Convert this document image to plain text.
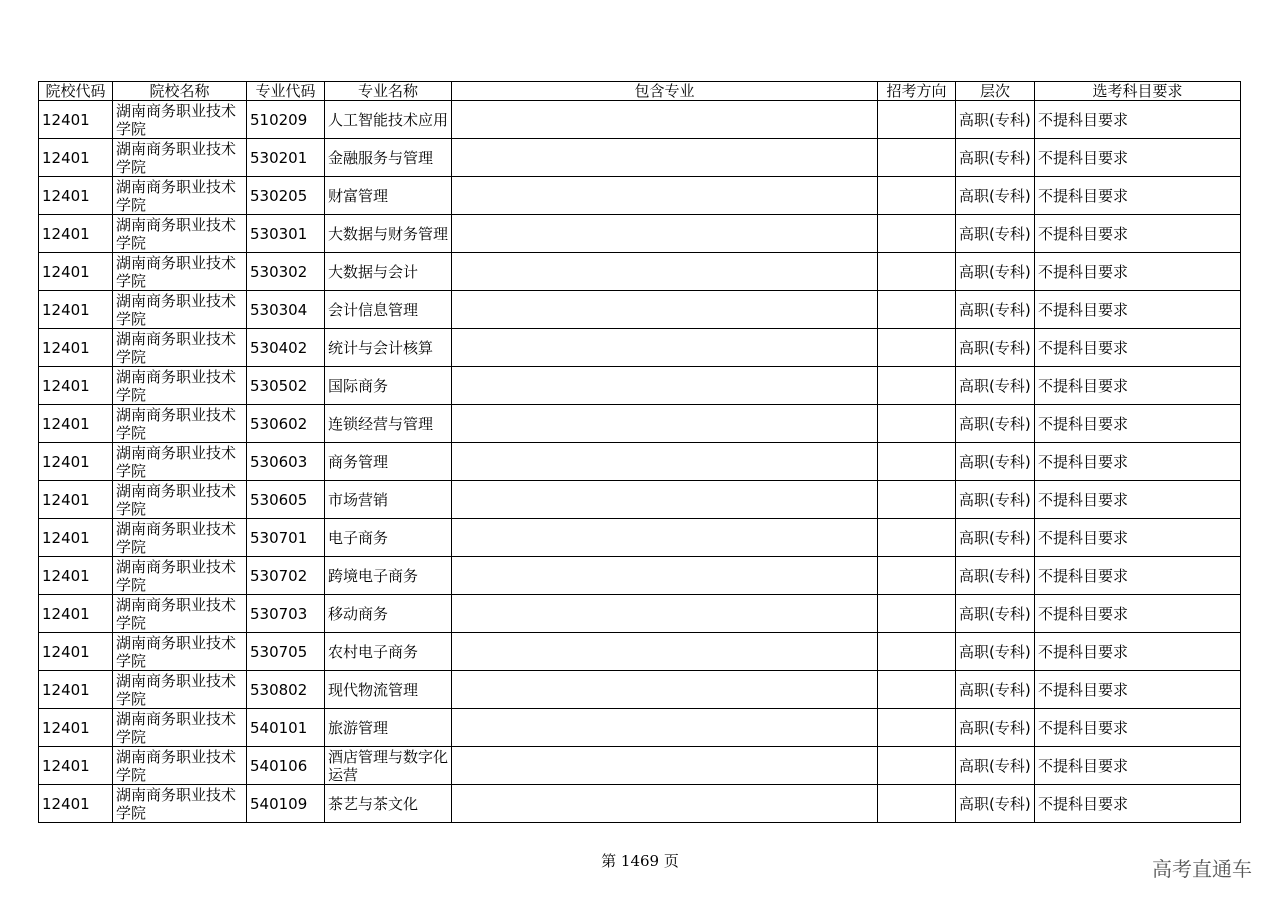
院校代码	院校名称	专业代码	专业名称	包含专业	招考方向	层次	选考科目要求
12401	湖南商务职业技术学院	510209	人工智能技术应用			高职(专科)	不提科目要求
12401	湖南商务职业技术学院	530201	金融服务与管理			高职(专科)	不提科目要求
12401	湖南商务职业技术学院	530205	财富管理			高职(专科)	不提科目要求
12401	湖南商务职业技术学院	530301	大数据与财务管理			高职(专科)	不提科目要求
12401	湖南商务职业技术学院	530302	大数据与会计			高职(专科)	不提科目要求
12401	湖南商务职业技术学院	530304	会计信息管理			高职(专科)	不提科目要求
12401	湖南商务职业技术学院	530402	统计与会计核算			高职(专科)	不提科目要求
12401	湖南商务职业技术学院	530502	国际商务			高职(专科)	不提科目要求
12401	湖南商务职业技术学院	530602	连锁经营与管理			高职(专科)	不提科目要求
12401	湖南商务职业技术学院	530603	商务管理			高职(专科)	不提科目要求
12401	湖南商务职业技术学院	530605	市场营销			高职(专科)	不提科目要求
12401	湖南商务职业技术学院	530701	电子商务			高职(专科)	不提科目要求
12401	湖南商务职业技术学院	530702	跨境电子商务			高职(专科)	不提科目要求
12401	湖南商务职业技术学院	530703	移动商务			高职(专科)	不提科目要求
12401	湖南商务职业技术学院	530705	农村电子商务			高职(专科)	不提科目要求
12401	湖南商务职业技术学院	530802	现代物流管理			高职(专科)	不提科目要求
12401	湖南商务职业技术学院	540101	旅游管理			高职(专科)	不提科目要求
12401	湖南商务职业技术学院	540106	酒店管理与数字化运营			高职(专科)	不提科目要求
12401	湖南商务职业技术学院	540109	茶艺与茶文化			高职(专科)	不提科目要求
第 1469 页	高考直通车
